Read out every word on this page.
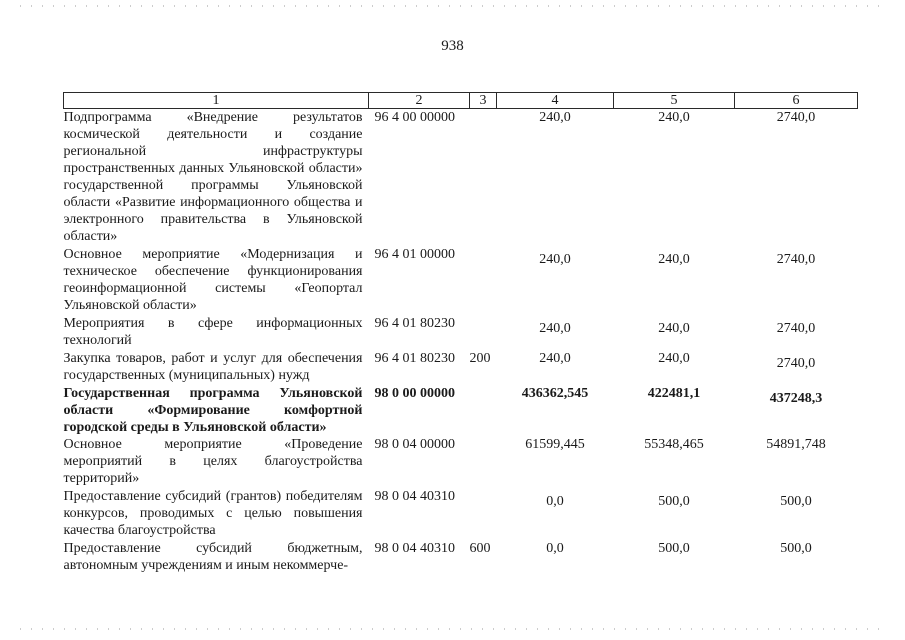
938
1	2	3	4	5	6
Подпрограмма «Внедрение результатов космической деятельности и создание региональной инфраструктуры пространственных данных Ульяновской области» государственной программы Ульяновской области «Развитие информационного общества и электронного правительства в Ульяновской области»	96 4 00 00000		240,0	240,0	2740,0
Основное мероприятие «Модернизация и техническое обеспечение функционирования геоинформационной системы «Геопортал Ульяновской области»	96 4 01 00000		240,0	240,0	2740,0
Мероприятия в сфере информационных технологий	96 4 01 80230		240,0	240,0	2740,0
Закупка товаров, работ и услуг для обеспечения государственных (муниципальных) нужд	96 4 01 80230	200	240,0	240,0	2740,0
Государственная программа Ульяновской области «Формирование комфортной городской среды в Ульяновской области»	98 0 00 00000		436362,545	422481,1	437248,3
Основное мероприятие «Проведение мероприятий в целях благоустройства территорий»	98 0 04 00000		61599,445	55348,465	54891,748
Предоставление субсидий (грантов) победителям конкурсов, проводимых с целью повышения качества благоустройства	98 0 04 40310		0,0	500,0	500,0
Предоставление субсидий бюджетным, автономным учреждениям и иным некоммерче-	98 0 04 40310	600	0,0	500,0	500,0
